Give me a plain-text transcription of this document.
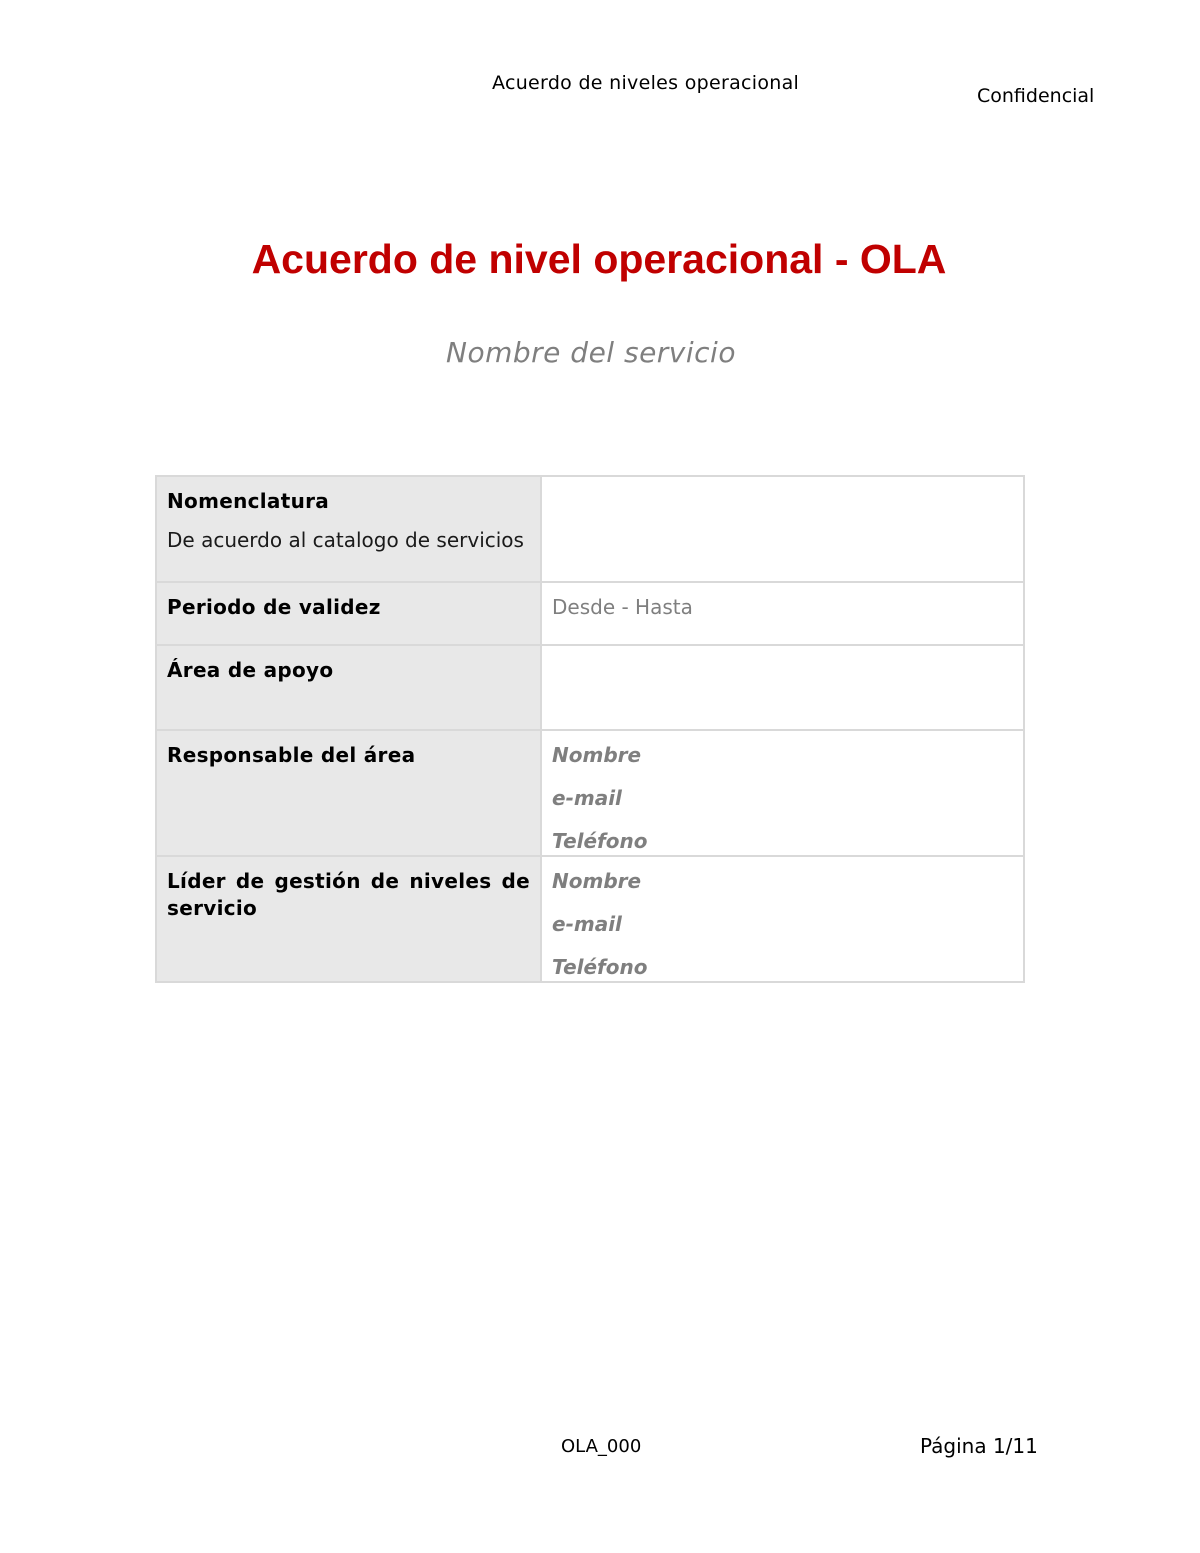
Acuerdo de niveles operacional
Confidencial
Acuerdo de nivel operacional - OLA
Nombre del servicio
Nomenclatura
De acuerdo al catalogo de servicios	

Periodo de validez	Desde - Hasta

Área de apoyo	

Responsable del área	Nombre
e-mail
Teléfono

Líder de gestión de niveles de servicio	Nombre
e-mail
Teléfono
OLA_000	Página 1/11
